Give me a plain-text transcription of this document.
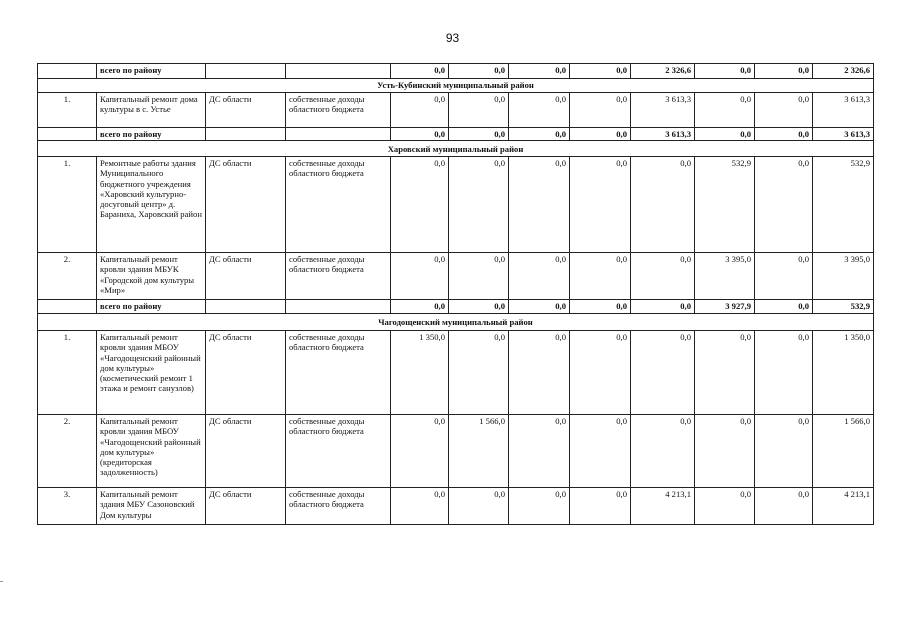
93
	всего по району			0,0	0,0	0,0	0,0	2 326,6	0,0	0,0	2 326,6
Усть-Кубинский муниципальный район											
1.	Капитальный ремонт дома культуры в с. Устье	ДС области	собственные доходы областного бюджета	0,0	0,0	0,0	0,0	3 613,3	0,0	0,0	3 613,3
	всего по району			0,0	0,0	0,0	0,0	3 613,3	0,0	0,0	3 613,3
Харовский муниципальный район											
1.	Ремонтные работы здания Муниципального бюджетного учреждения «Харовский культурно-досуговый центр» д. Бараниха, Харовский район	ДС области	собственные доходы областного бюджета	0,0	0,0	0,0	0,0	0,0	532,9	0,0	532,9
2.	Капитальный ремонт кровли здания МБУК «Городской дом культуры «Мир»	ДС области	собственные доходы областного бюджета	0,0	0,0	0,0	0,0	0,0	3 395,0	0,0	3 395,0
	всего по району			0,0	0,0	0,0	0,0	0,0	3 927,9	0,0	532,9
Чагодощенский муниципальный район											
1.	Капитальный ремонт кровли здания МБОУ «Чагодощенский районный дом культуры» (косметический ремонт 1 этажа и ремонт санузлов)	ДС области	собственные доходы областного бюджета	1 350,0	0,0	0,0	0,0	0,0	0,0	0,0	1 350,0
2.	Капитальный ремонт кровли здания МБОУ «Чагодощенский районный дом культуры» (кредиторская задолженность)	ДС области	собственные доходы областного бюджета	0,0	1 566,0	0,0	0,0	0,0	0,0	0,0	1 566,0
3.	Капитальный ремонт здания МБУ Сазоновский Дом культуры	ДС области	собственные доходы областного бюджета	0,0	0,0	0,0	0,0	4 213,1	0,0	0,0	4 213,1
